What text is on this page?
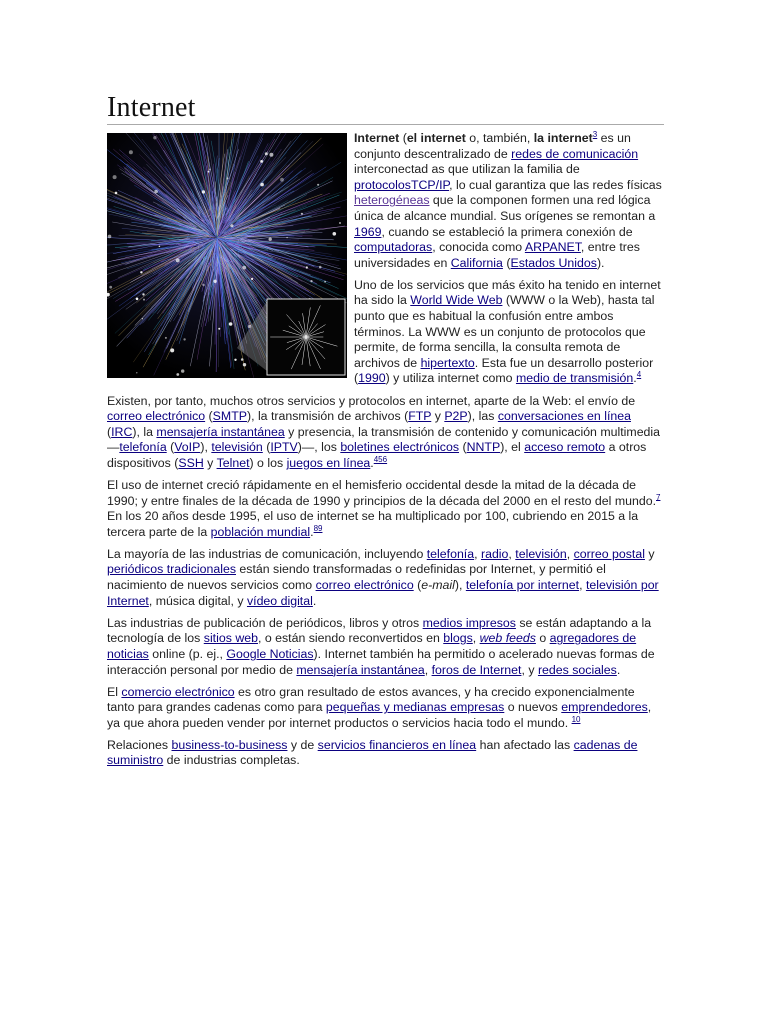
Internet

Internet (el internet o, también, la internet$^3$ es un conjunto descentralizado de redes de comunicación interconectad as que utilizan la familia de protocolosTCP/IP, lo cual garantiza que las redes físicas heterogéneas que la componen formen una red lógica única de alcance mundial. Sus orígenes se remontan a 1969, cuando se estableció la primera conexión de computadoras, conocida como ARPANET, entre tres universidades en California (Estados Unidos).

Uno de los servicios que más éxito ha tenido en internet ha sido la World Wide Web (WWW o la Web), hasta tal punto que es habitual la confusión entre ambos términos. La WWW es un conjunto de protocolos que permite, de forma sencilla, la consulta remota de archivos de hipertexto. Esta fue un desarrollo posterior (1990) y utiliza internet como medio de transmisión.$^4$

Existen, por tanto, muchos otros servicios y protocolos en internet, aparte de la Web: el envío de correo electrónico (SMTP), la transmisión de archivos (FTP y P2P), las conversaciones en línea (IRC), la mensajería instantánea y presencia, la transmisión de contenido y comunicación multimedia —telefonía (VoIP), televisión (IPTV)—, los boletines electrónicos (NNTP), el acceso remoto a otros dispositivos (SSH y Telnet) o los juegos en línea.$^{456}$

El uso de internet creció rápidamente en el hemisferio occidental desde la mitad de la década de 1990; y entre finales de la década de 1990 y principios de la década del 2000 en el resto del mundo.$^7$ En los 20 años desde 1995, el uso de internet se ha multiplicado por 100, cubriendo en 2015 a la tercera parte de la población mundial.$^{89}$

La mayoría de las industrias de comunicación, incluyendo telefonía, radio, televisión, correo postal y periódicos tradicionales están siendo transformadas o redefinidas por Internet, y permitió el nacimiento de nuevos servicios como correo electrónico (e-mail), telefonía por internet, televisión por Internet, música digital, y vídeo digital.

Las industrias de publicación de periódicos, libros y otros medios impresos se están adaptando a la tecnología de los sitios web, o están siendo reconvertidos en blogs, web feeds o agregadores de noticias online (p. ej., Google Noticias). Internet también ha permitido o acelerado nuevas formas de interacción personal por medio de mensajería instantánea, foros de Internet, y redes sociales.

El comercio electrónico es otro gran resultado de estos avances, y ha crecido exponencialmente tanto para grandes cadenas como para pequeñas y medianas empresas o nuevos emprendedores, ya que ahora pueden vender por internet productos o servicios hacia todo el mundo. $^{10}$

Relaciones business-to-business y de servicios financieros en línea han afectado las cadenas de suministro de industrias completas.
